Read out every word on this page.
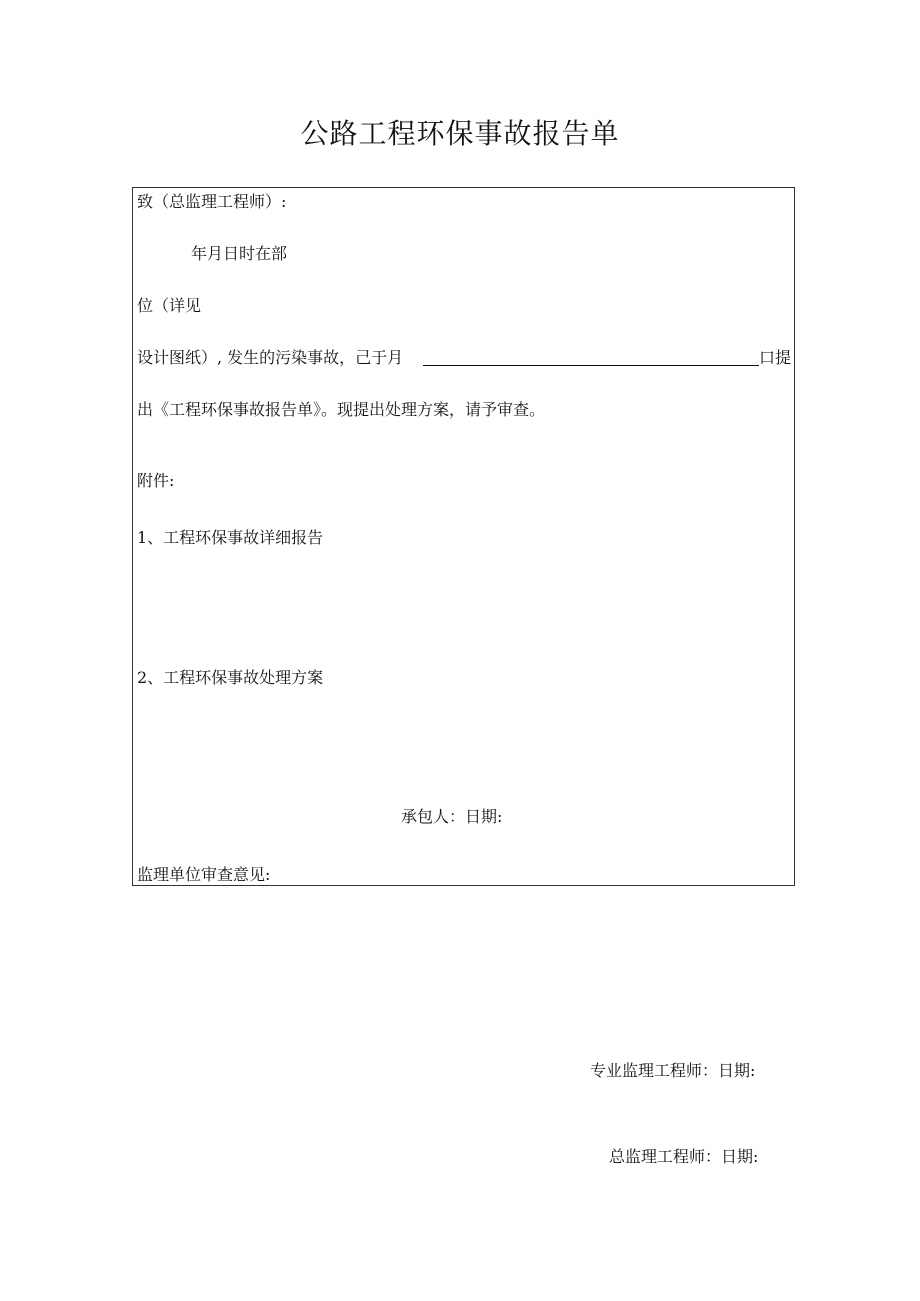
公路工程环保事故报告单
致（总监理工程师）:
年月日时在部
位（详见
设计图纸）, 发生的污染事故，己于月	口提
出《工程环保事故报告单》。现提出处理方案，请予审查。
附件:
1、工程环保事故详细报告
2、工程环保事故处理方案
承包人：日期:
监理单位审查意见:
专业监理工程师：日期:
总监理工程师：日期:
